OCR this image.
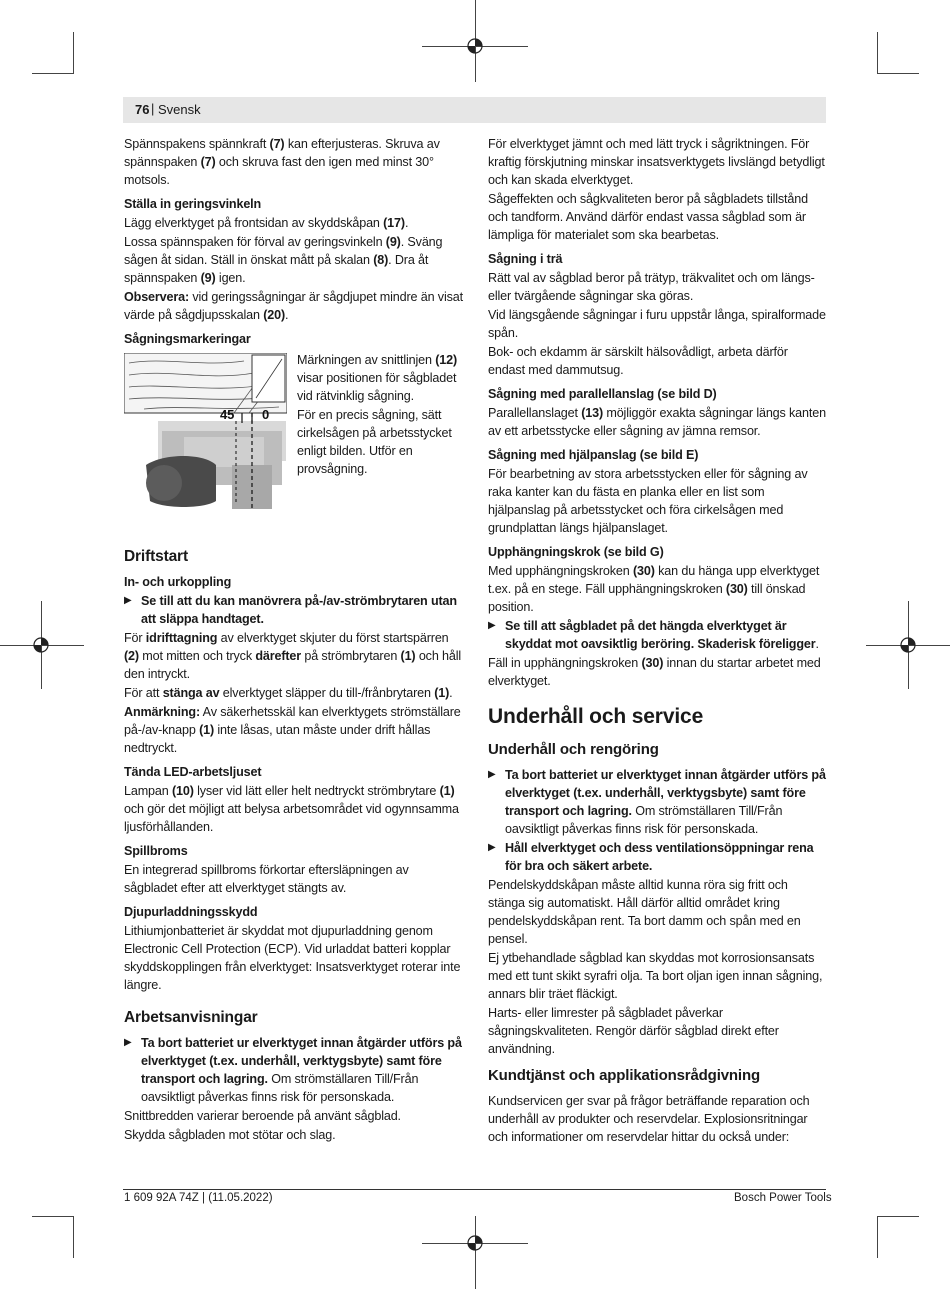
76 | Svensk

Spännspakens spännkraft (7) kan efterjusteras. Skruva av spännspaken (7) och skruva fast den igen med minst 30° motsols.

Ställa in geringsvinkeln

Lägg elverktyget på frontsidan av skyddskåpan (17).

Lossa spännspaken för förval av geringsvinkeln (9). Sväng sågen åt sidan. Ställ in önskat mått på skalan (8). Dra åt spännspaken (9) igen.

Observera: vid geringssågningar är sågdjupet mindre än visat värde på sågdjupsskalan (20).

Sågningsmarkeringar
45 0

Märkningen av snittlinjen (12) visar positionen för sågbladet vid rätvinklig sågning.

För en precis sågning, sätt cirkelsågen på arbetsstycket enligt bilden. Utför en provsågning.

Driftstart
In- och urkoppling
▶ Se till att du kan manövrera på-/av-strömbrytaren utan att släppa handtaget.

För idrifttagning av elverktyget skjuter du först startspärren (2) mot mitten och tryck därefter på strömbrytaren (1) och håll den intryckt.

För att stänga av elverktyget släpper du till-/frånbrytaren (1).

Anmärkning: Av säkerhetsskäl kan elverktygets strömställare på-/av-knapp (1) inte låsas, utan måste under drift hållas nedtryckt.

Tända LED-arbetsljuset

Lampan (10) lyser vid lätt eller helt nedtryckt strömbrytare (1) och gör det möjligt att belysa arbetsområdet vid ogynnsamma ljusförhållanden.

Spillbroms

En integrerad spillbroms förkortar eftersläpningen av sågbladet efter att elverktyget stängts av.

Djupurladdningsskydd

Lithiumjonbatteriet är skyddat mot djupurladdning genom Electronic Cell Protection (ECP). Vid urladdat batteri kopplar skyddskopplingen från elverktyget: Insatsverktyget roterar inte längre.

Arbetsanvisningar
▶ Ta bort batteriet ur elverktyget innan åtgärder utförs på elverktyget (t.ex. underhåll, verktygsbyte) samt före transport och lagring. Om strömställaren Till/Från oavsiktligt påverkas finns risk för personskada.

Snittbredden varierar beroende på använt sågblad.

Skydda sågbladen mot stötar och slag.

För elverktyget jämnt och med lätt tryck i sågriktningen. För kraftig förskjutning minskar insatsverktygets livslängd betydligt och kan skada elverktyget.

Sågeffekten och sågkvaliteten beror på sågbladets tillstånd och tandform. Använd därför endast vassa sågblad som är lämpliga för materialet som ska bearbetas.

Sågning i trä

Rätt val av sågblad beror på trätyp, träkvalitet och om längs- eller tvärgående sågningar ska göras.

Vid längsgående sågningar i furu uppstår långa, spiralformade spån.

Bok- och ekdamm är särskilt hälsovådligt, arbeta därför endast med dammutsug.

Sågning med parallellanslag (se bild D)

Parallellanslaget (13) möjliggör exakta sågningar längs kanten av ett arbetsstycke eller sågning av jämna remsor.

Sågning med hjälpanslag (se bild E)

För bearbetning av stora arbetsstycken eller för sågning av raka kanter kan du fästa en planka eller en list som hjälpanslag på arbetsstycket och föra cirkelsågen med grundplattan längs hjälpanslaget.

Upphängningskrok (se bild G)

Med upphängningskroken (30) kan du hänga upp elverktyget t.ex. på en stege. Fäll upphängningskroken (30) till önskad position.

▶ Se till att sågbladet på det hängda elverktyget är skyddat mot oavsiktlig beröring. Skaderisk föreligger.

Fäll in upphängningskroken (30) innan du startar arbetet med elverktyget.

Underhåll och service
Underhåll och rengöring
▶ Ta bort batteriet ur elverktyget innan åtgärder utförs på elverktyget (t.ex. underhåll, verktygsbyte) samt före transport och lagring. Om strömställaren Till/Från oavsiktligt påverkas finns risk för personskada.
▶ Håll elverktyget och dess ventilationsöppningar rena för bra och säkert arbete.

Pendelskyddskåpan måste alltid kunna röra sig fritt och stänga sig automatiskt. Håll därför alltid området kring pendelskyddskåpan rent. Ta bort damm och spån med en pensel.

Ej ytbehandlade sågblad kan skyddas mot korrosionsansats med ett tunt skikt syrafri olja. Ta bort oljan igen innan sågning, annars blir träet fläckigt.

Harts- eller limrester på sågbladet påverkar sågningskvaliteten. Rengör därför sågblad direkt efter användning.

Kundtjänst och applikationsrådgivning

Kundservicen ger svar på frågor beträffande reparation och underhåll av produkter och reservdelar. Explosionsritningar och informationer om reservdelar hittar du också under:

1 609 92A 74Z | (11.05.2022)	Bosch Power Tools
